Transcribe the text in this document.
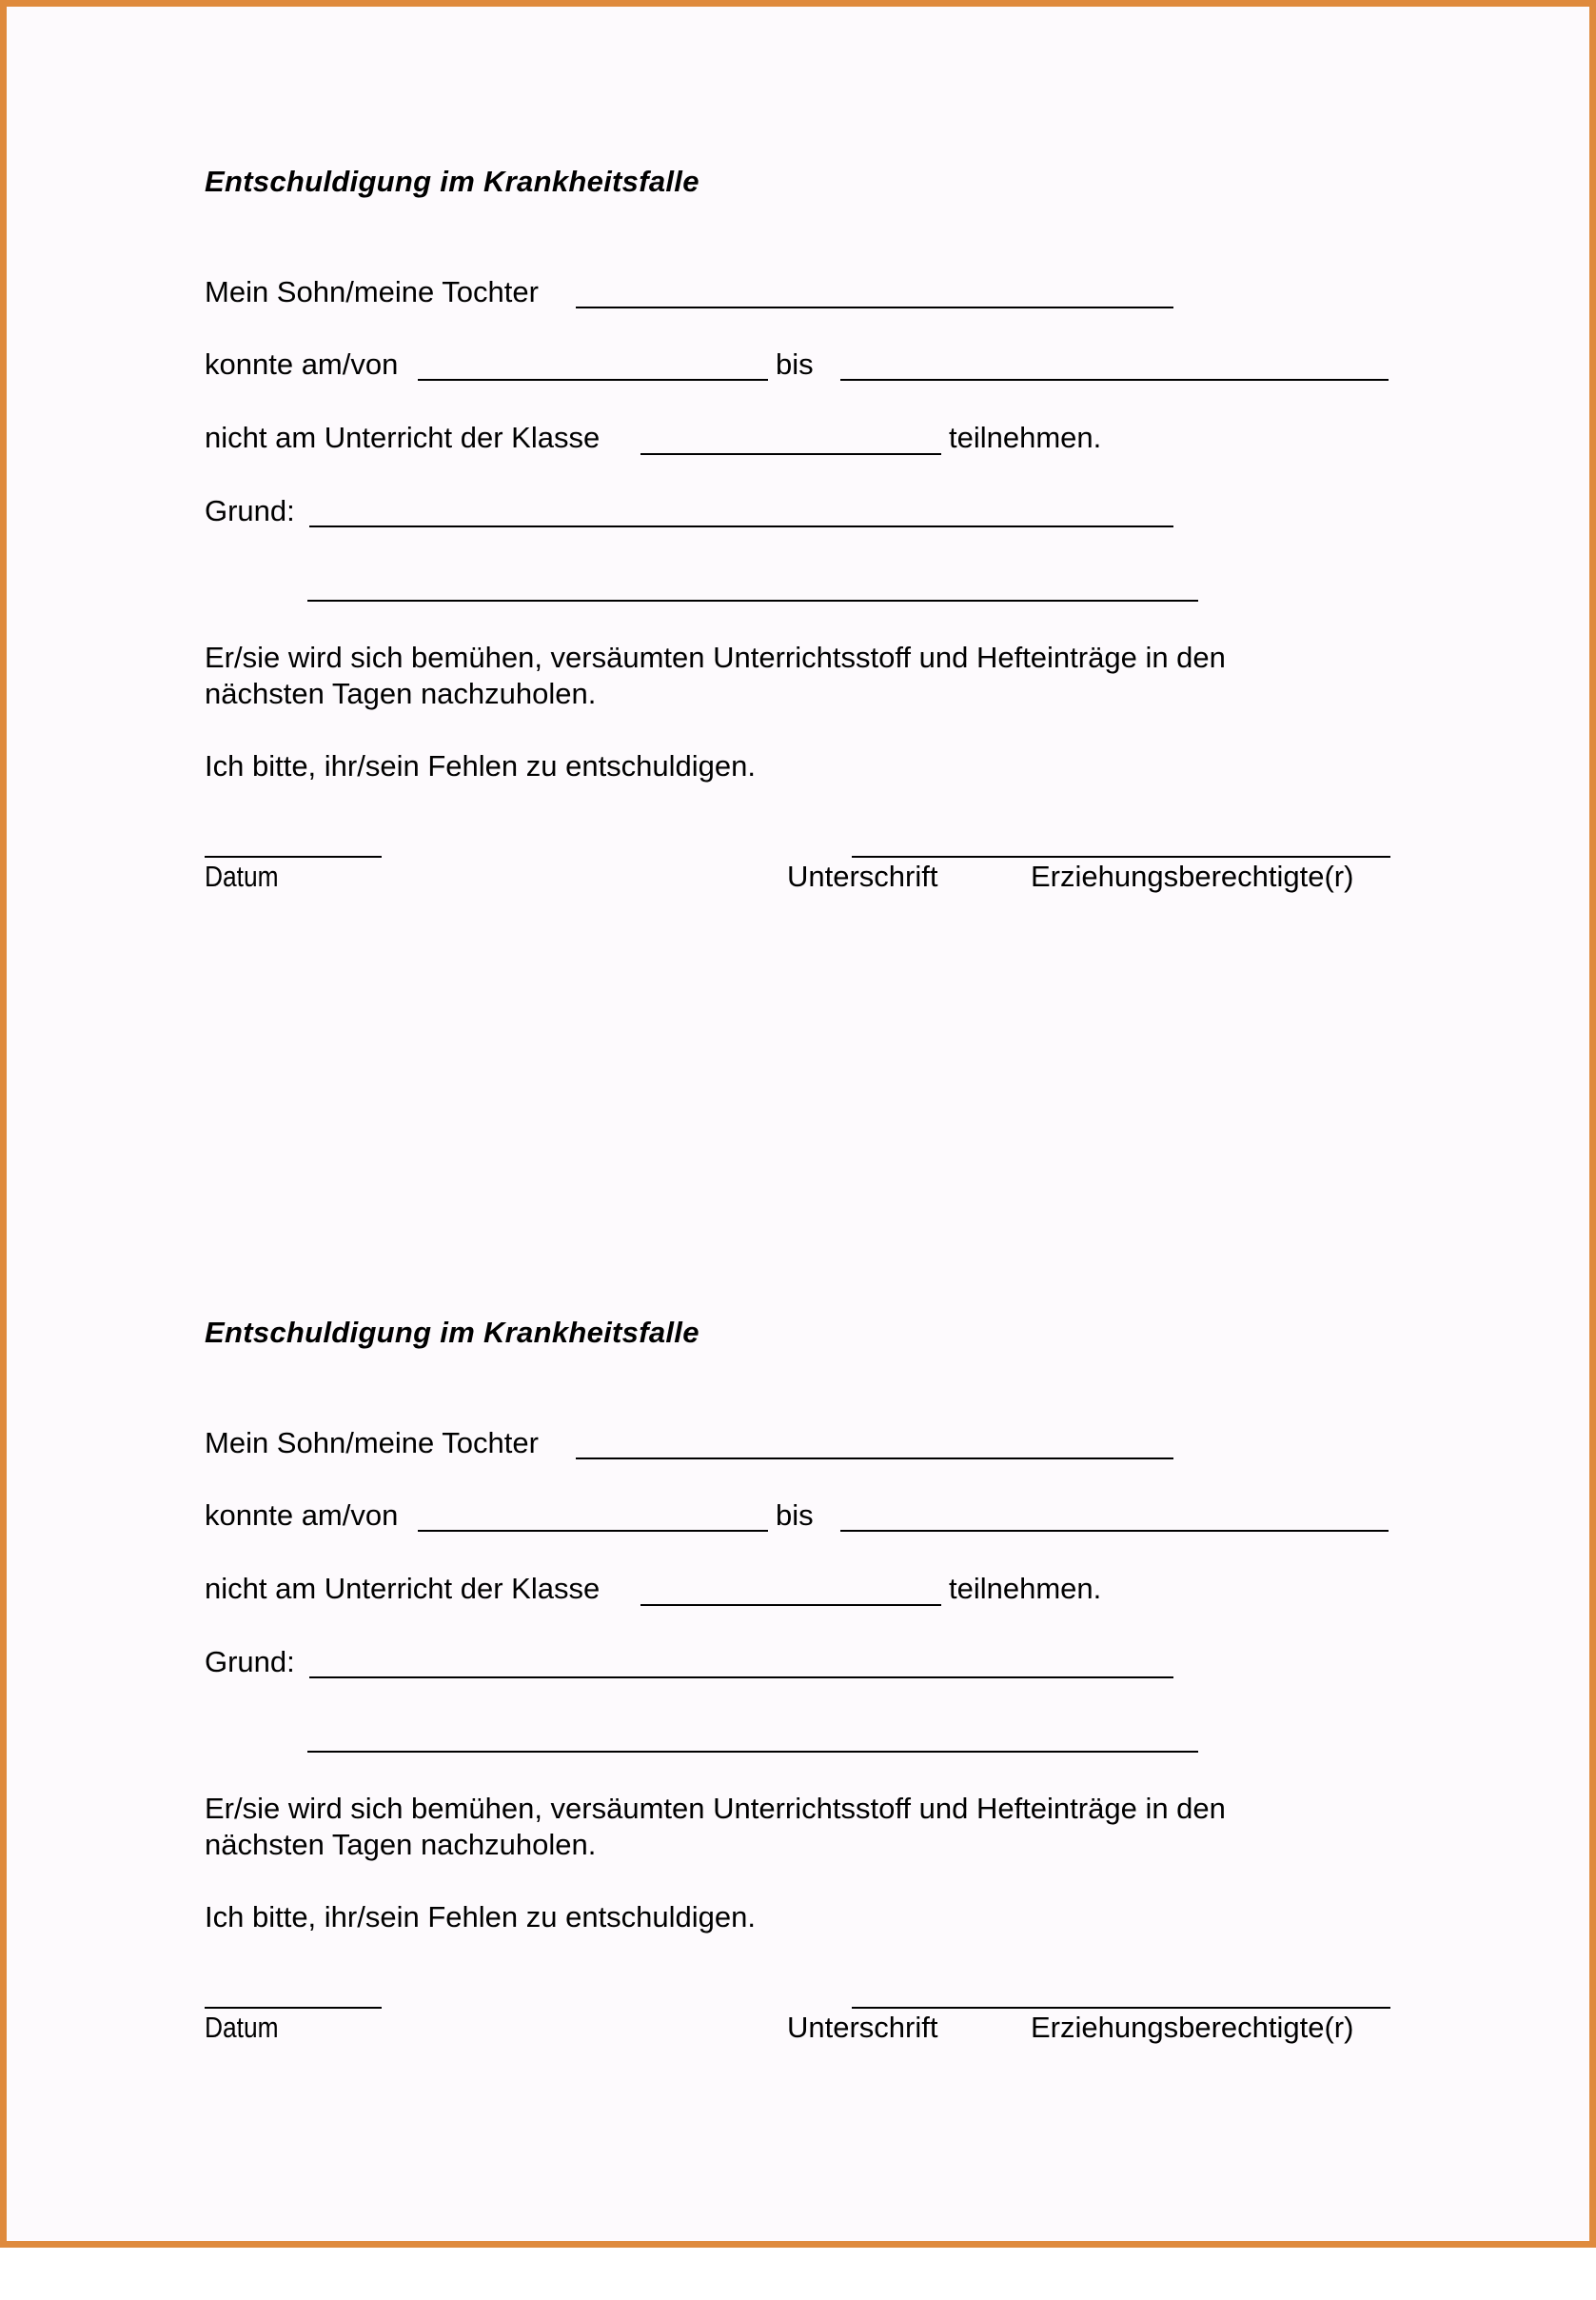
Entschuldigung im Krankheitsfalle
Mein Sohn/meine Tochter
konnte am/von	bis
nicht am Unterricht der Klasse	teilnehmen.
Grund:
Er/sie wird sich bemühen, versäumten Unterrichtsstoff und Hefteinträge in den
nächsten Tagen nachzuholen.
Ich bitte, ihr/sein Fehlen zu entschuldigen.
Datum	Unterschrift	Erziehungsberechtigte(r)
Entschuldigung im Krankheitsfalle
Mein Sohn/meine Tochter
konnte am/von	bis
nicht am Unterricht der Klasse	teilnehmen.
Grund:
Er/sie wird sich bemühen, versäumten Unterrichtsstoff und Hefteinträge in den
nächsten Tagen nachzuholen.
Ich bitte, ihr/sein Fehlen zu entschuldigen.
Datum	Unterschrift	Erziehungsberechtigte(r)
